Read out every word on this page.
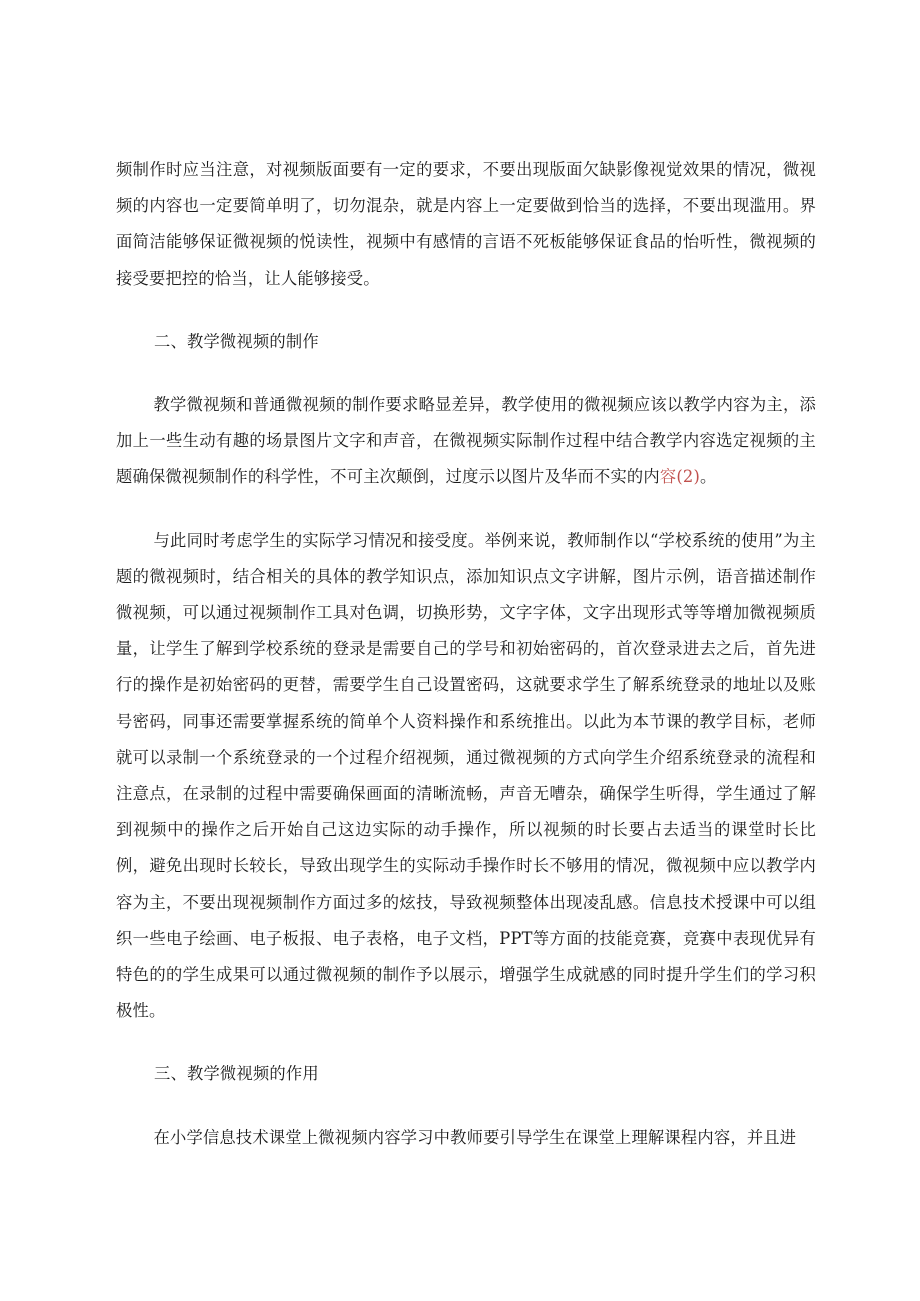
频制作时应当注意，对视频版面要有一定的要求，不要出现版面欠缺影像视觉效果的情况，微视频的内容也一定要简单明了，切勿混杂，就是内容上一定要做到恰当的选择，不要出现滥用。界面简洁能够保证微视频的悦读性，视频中有感情的言语不死板能够保证食品的怡听性，微视频的接受要把控的恰当，让人能够接受。

二、教学微视频的制作

教学微视频和普通微视频的制作要求略显差异，教学使用的微视频应该以教学内容为主，添加上一些生动有趣的场景图片文字和声音，在微视频实际制作过程中结合教学内容选定视频的主题确保微视频制作的科学性，不可主次颠倒，过度示以图片及华而不实的内容(2)。

与此同时考虑学生的实际学习情况和接受度。举例来说，教师制作以“学校系统的使用”为主题的微视频时，结合相关的具体的教学知识点，添加知识点文字讲解，图片示例，语音描述制作微视频，可以通过视频制作工具对色调，切换形势，文字字体，文字出现形式等等增加微视频质量，让学生了解到学校系统的登录是需要自己的学号和初始密码的，首次登录进去之后，首先进行的操作是初始密码的更替，需要学生自己设置密码，这就要求学生了解系统登录的地址以及账号密码，同事还需要掌握系统的简单个人资料操作和系统推出。以此为本节课的教学目标，老师就可以录制一个系统登录的一个过程介绍视频，通过微视频的方式向学生介绍系统登录的流程和注意点，在录制的过程中需要确保画面的清晰流畅，声音无嘈杂，确保学生听得，学生通过了解到视频中的操作之后开始自己这边实际的动手操作，所以视频的时长要占去适当的课堂时长比例，避免出现时长较长，导致出现学生的实际动手操作时长不够用的情况，微视频中应以教学内容为主，不要出现视频制作方面过多的炫技，导致视频整体出现凌乱感。信息技术授课中可以组织一些电子绘画、电子板报、电子表格，电子文档，PPT等方面的技能竞赛，竞赛中表现优异有特色的的学生成果可以通过微视频的制作予以展示，增强学生成就感的同时提升学生们的学习积极性。

三、教学微视频的作用

在小学信息技术课堂上微视频内容学习中教师要引导学生在课堂上理解课程内容，并且进
